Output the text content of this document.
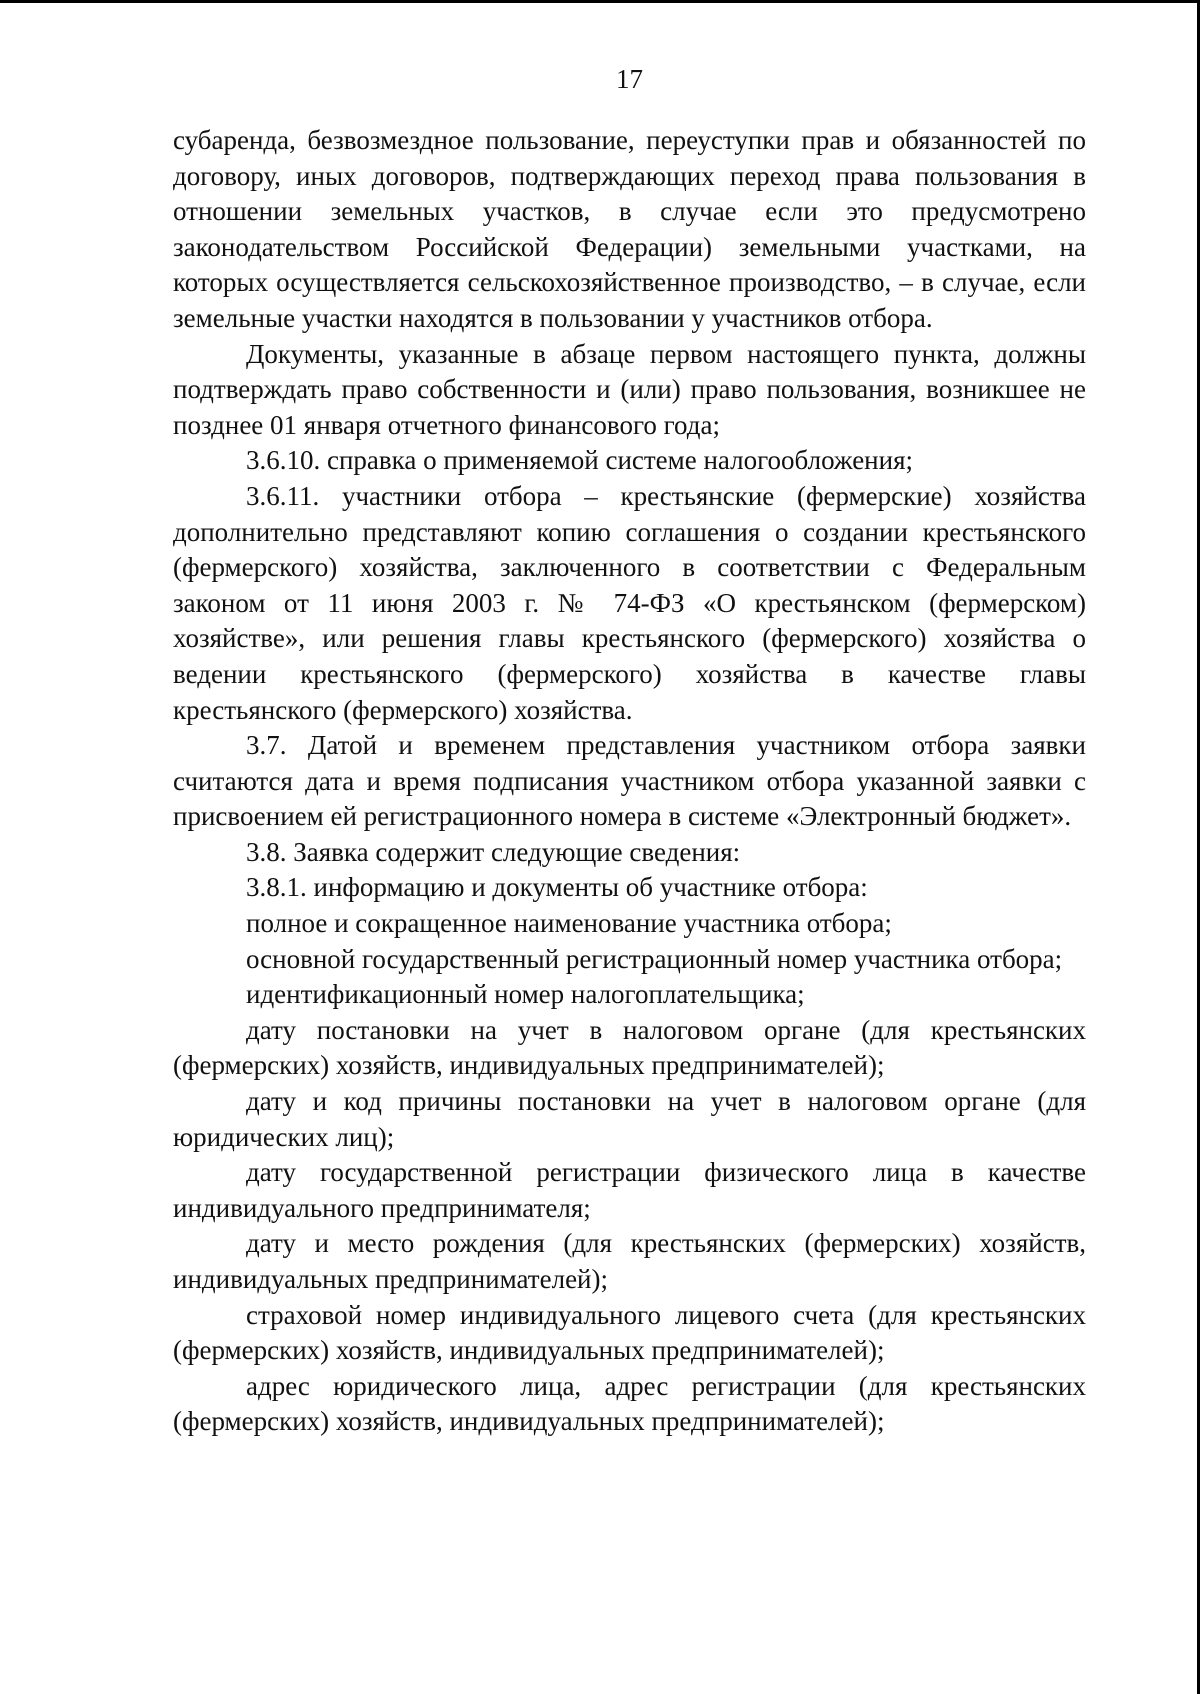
17

субаренда, безвозмездное пользование, переуступки прав и обязанностей по договору, иных договоров, подтверждающих переход права пользования в отношении земельных участков, в случае если это предусмотрено законодательством Российской Федерации) земельными участками, на которых осуществляется сельскохозяйственное производство, – в случае, если земельные участки находятся в пользовании у участников отбора.

Документы, указанные в абзаце первом настоящего пункта, должны подтверждать право собственности и (или) право пользования, возникшее не позднее 01 января отчетного финансового года;

3.6.10. справка о применяемой системе налогообложения;

3.6.11. участники отбора – крестьянские (фермерские) хозяйства дополнительно представляют копию соглашения о создании крестьянского (фермерского) хозяйства, заключенного в соответствии с Федеральным законом от 11 июня 2003 г. № 74-ФЗ «О крестьянском (фермерском) хозяйстве», или решения главы крестьянского (фермерского) хозяйства о ведении крестьянского (фермерского) хозяйства в качестве главы крестьянского (фермерского) хозяйства.

3.7. Датой и временем представления участником отбора заявки считаются дата и время подписания участником отбора указанной заявки с присвоением ей регистрационного номера в системе «Электронный бюджет».

3.8. Заявка содержит следующие сведения:

3.8.1. информацию и документы об участнике отбора:

полное и сокращенное наименование участника отбора;

основной государственный регистрационный номер участника отбора;

идентификационный номер налогоплательщика;

дату постановки на учет в налоговом органе (для крестьянских (фермерских) хозяйств, индивидуальных предпринимателей);

дату и код причины постановки на учет в налоговом органе (для юридических лиц);

дату государственной регистрации физического лица в качестве индивидуального предпринимателя;

дату и место рождения (для крестьянских (фермерских) хозяйств, индивидуальных предпринимателей);

страховой номер индивидуального лицевого счета (для крестьянских (фермерских) хозяйств, индивидуальных предпринимателей);

адрес юридического лица, адрес регистрации (для крестьянских (фермерских) хозяйств, индивидуальных предпринимателей);
